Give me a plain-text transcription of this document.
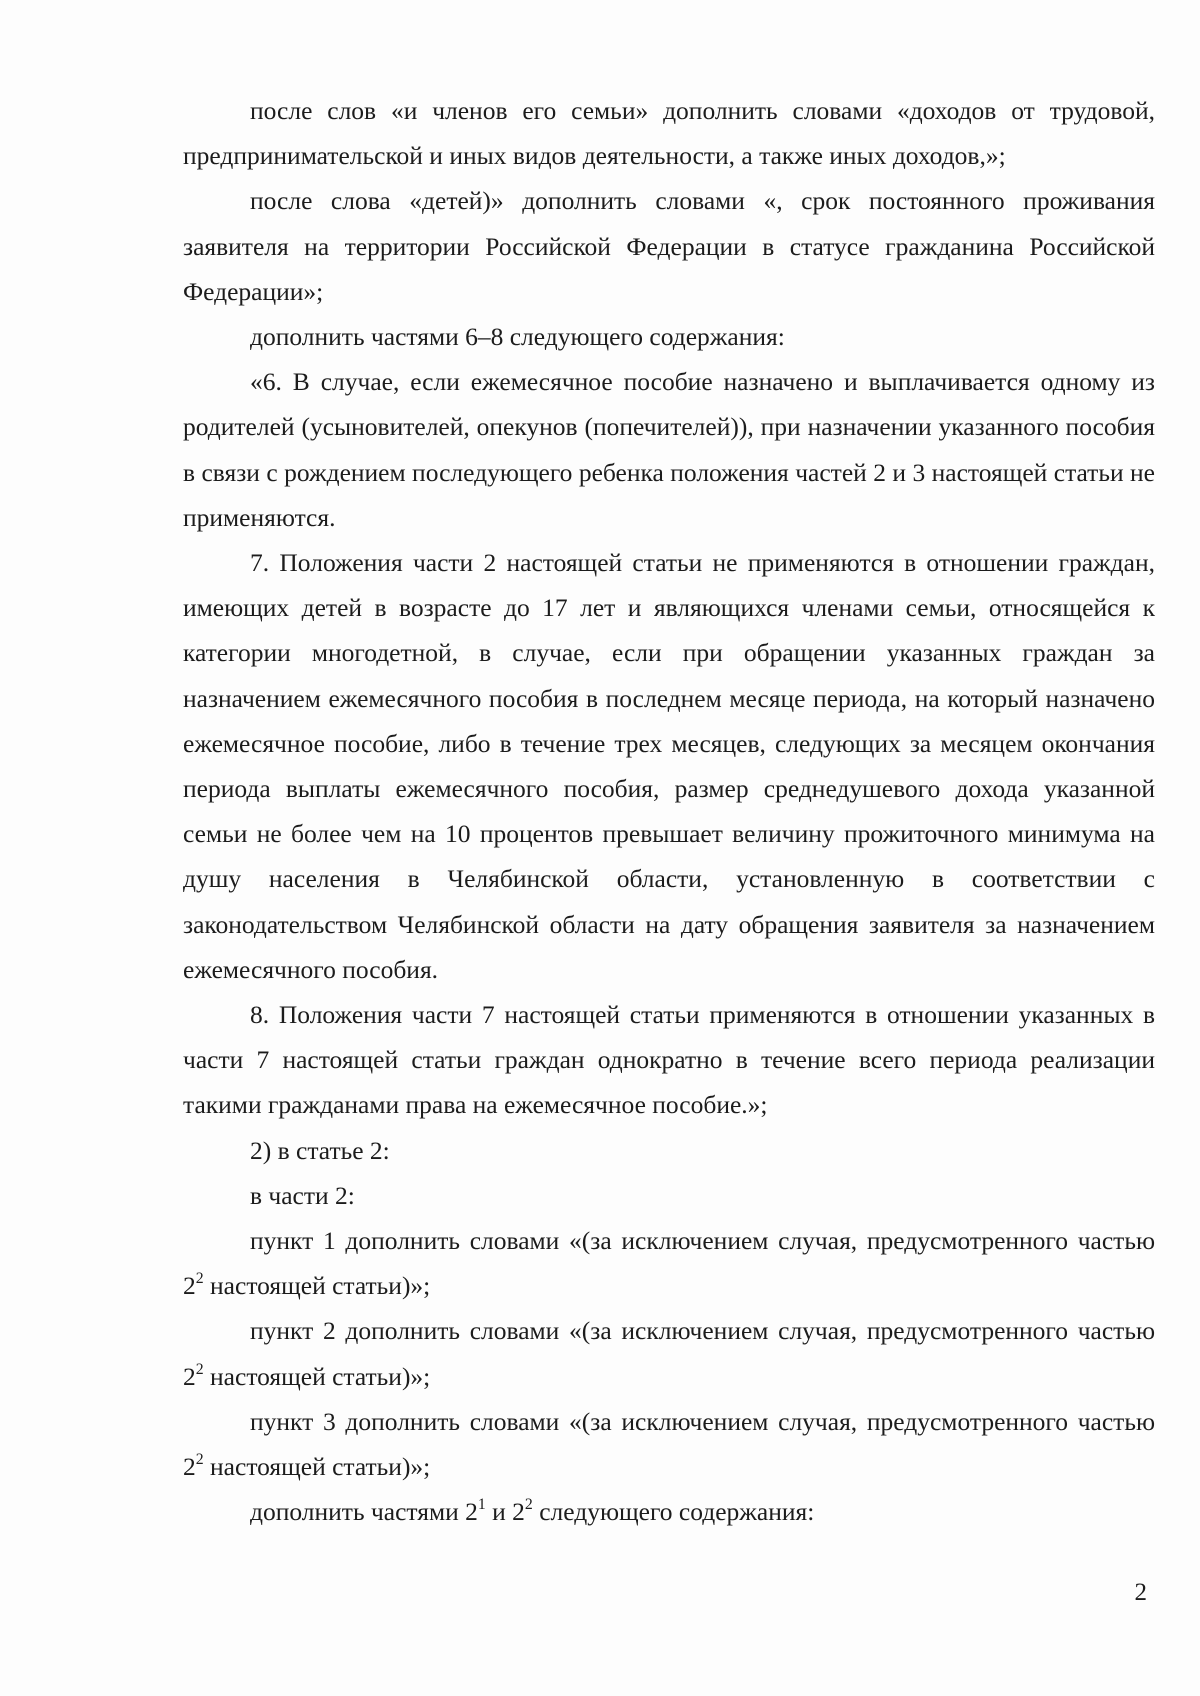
после слов «и членов его семьи» дополнить словами «доходов от трудовой, предпринимательской и иных видов деятельности, а также иных доходов,»;

после слова «детей)» дополнить словами «, срок постоянного проживания заявителя на территории Российской Федерации в статусе гражданина Российской Федерации»;

дополнить частями 6–8 следующего содержания:

«6. В случае, если ежемесячное пособие назначено и выплачивается одному из родителей (усыновителей, опекунов (попечителей)), при назначении указанного пособия в связи с рождением последующего ребенка положения частей 2 и 3 настоящей статьи не применяются.

7. Положения части 2 настоящей статьи не применяются в отношении граждан, имеющих детей в возрасте до 17 лет и являющихся членами семьи, относящейся к категории многодетной, в случае, если при обращении указанных граждан за назначением ежемесячного пособия в последнем месяце периода, на который назначено ежемесячное пособие, либо в течение трех месяцев, следующих за месяцем окончания периода выплаты ежемесячного пособия, размер среднедушевого дохода указанной семьи не более чем на 10 процентов превышает величину прожиточного минимума на душу населения в Челябинской области, установленную в соответствии с законодательством Челябинской области на дату обращения заявителя за назначением ежемесячного пособия.

8. Положения части 7 настоящей статьи применяются в отношении указанных в части 7 настоящей статьи граждан однократно в течение всего периода реализации такими гражданами права на ежемесячное пособие.»;

2) в статье 2:

в части 2:

пункт 1 дополнить словами «(за исключением случая, предусмотренного частью $2^2$ настоящей статьи)»;

пункт 2 дополнить словами «(за исключением случая, предусмотренного частью $2^2$ настоящей статьи)»;

пункт 3 дополнить словами «(за исключением случая, предусмотренного частью $2^2$ настоящей статьи)»;

дополнить частями $2^1$ и $2^2$ следующего содержания:

2
